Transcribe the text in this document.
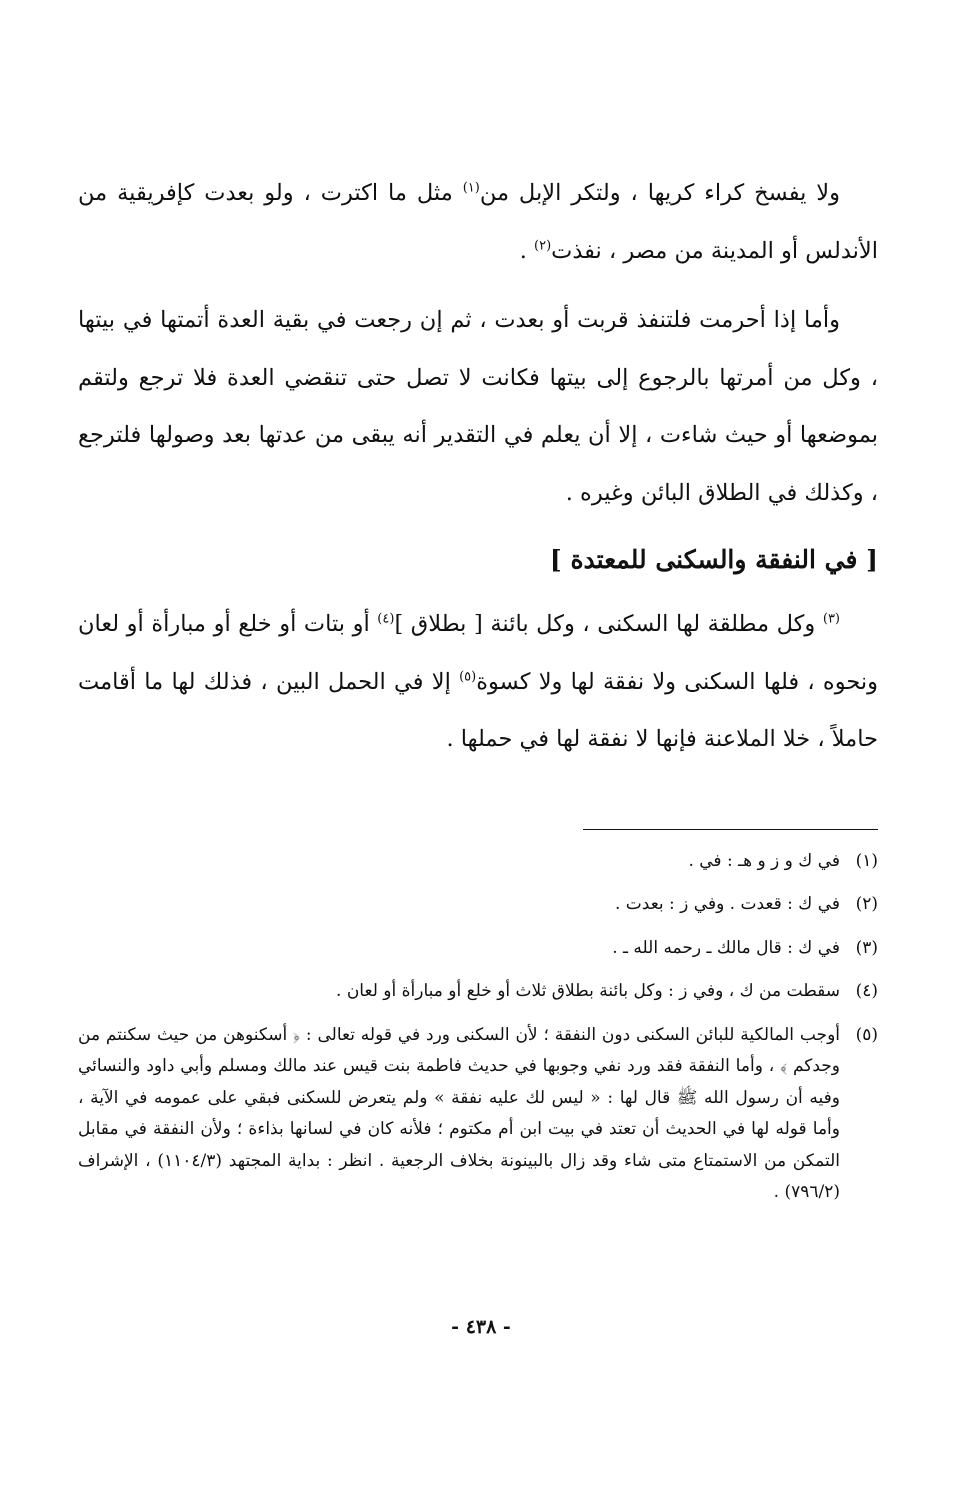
ولا يفسخ كراء كريها ، ولتكر الإبل من$^{(١)}$ مثل ما اكترت ، ولو بعدت كإفريقية من الأندلس أو المدينة من مصر ، نفذت$^{(٢)}$ .

وأما إذا أحرمت فلتنفذ قربت أو بعدت ، ثم إن رجعت في بقية العدة أتمتها في بيتها ، وكل من أمرتها بالرجوع إلى بيتها فكانت لا تصل حتى تنقضي العدة فلا ترجع ولتقم بموضعها أو حيث شاءت ، إلا أن يعلم في التقدير أنه يبقى من عدتها بعد وصولها فلترجع ، وكذلك في الطلاق البائن وغيره .

[ في النفقة والسكنى للمعتدة ]

$^{(٣)}$ وكل مطلقة لها السكنى ، وكل بائنة [ بطلاق ]$^{(٤)}$ أو بتات أو خلع أو مبارأة أو لعان ونحوه ، فلها السكنى ولا نفقة لها ولا كسوة$^{(٥)}$ إلا في الحمل البين ، فذلك لها ما أقامت حاملاً ، خلا الملاعنة فإنها لا نفقة لها في حملها .

(١)
في ك و ز و هـ : في .
(٢)
في ك : قعدت . وفي ز : بعدت .
(٣)
في ك : قال مالك ـ رحمه الله ـ .
(٤)
سقطت من ك ، وفي ز : وكل بائنة بطلاق ثلاث أو خلع أو مبارأة أو لعان .
(٥)
أوجب المالكية للبائن السكنى دون النفقة ؛ لأن السكنى ورد في قوله تعالى : ﴿ أسكنوهن من حيث سكنتم من وجدكم ﴾ ، وأما النفقة فقد ورد نفي وجوبها في حديث فاطمة بنت قيس عند مالك ومسلم وأبي داود والنسائي وفيه أن رسول الله ﷺ قال لها : « ليس لك عليه نفقة » ولم يتعرض للسكنى فبقي على عمومه في الآية ، وأما قوله لها في الحديث أن تعتد في بيت ابن أم مكتوم ؛ فلأنه كان في لسانها بذاءة ؛ ولأن النفقة في مقابل التمكن من الاستمتاع متى شاء وقد زال بالبينونة بخلاف الرجعية . انظر : بداية المجتهد (١١٠٤/٣) ، الإشراف (٧٩٦/٢) .
- ٤٣٨ -
